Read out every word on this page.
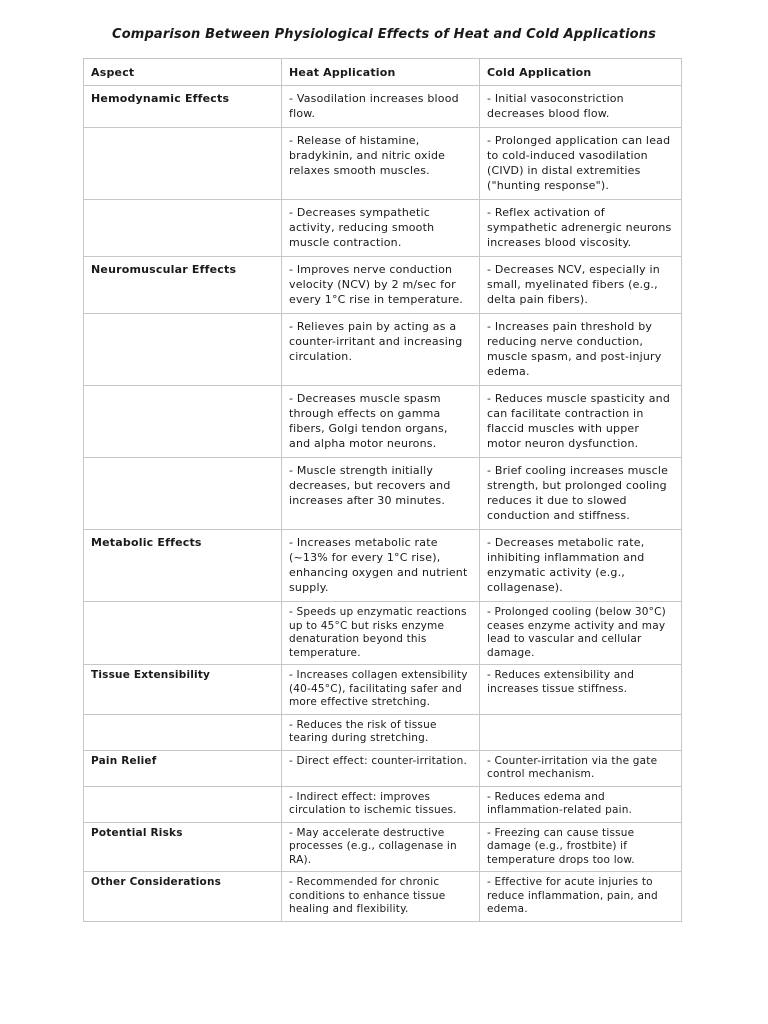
Comparison Between Physiological Effects of Heat and Cold Applications
Aspect	Heat Application	Cold Application
Hemodynamic Effects	- Vasodilation increases blood flow.	- Initial vasoconstriction decreases blood flow.
	- Release of histamine, bradykinin, and nitric oxide relaxes smooth muscles.	- Prolonged application can lead to cold-induced vasodilation (CIVD) in distal extremities ("hunting response").
	- Decreases sympathetic activity, reducing smooth muscle contraction.	- Reflex activation of sympathetic adrenergic neurons increases blood viscosity.
Neuromuscular Effects	- Improves nerve conduction velocity (NCV) by 2 m/sec for every 1°C rise in temperature.	- Decreases NCV, especially in small, myelinated fibers (e.g., delta pain fibers).
	- Relieves pain by acting as a counter-irritant and increasing circulation.	- Increases pain threshold by reducing nerve conduction, muscle spasm, and post-injury edema.
	- Decreases muscle spasm through effects on gamma fibers, Golgi tendon organs, and alpha motor neurons.	- Reduces muscle spasticity and can facilitate contraction in flaccid muscles with upper motor neuron dysfunction.
	- Muscle strength initially decreases, but recovers and increases after 30 minutes.	- Brief cooling increases muscle strength, but prolonged cooling reduces it due to slowed conduction and stiffness.
Metabolic Effects	- Increases metabolic rate (~13% for every 1°C rise), enhancing oxygen and nutrient supply.	- Decreases metabolic rate, inhibiting inflammation and enzymatic activity (e.g., collagenase).
	- Speeds up enzymatic reactions up to 45°C but risks enzyme denaturation beyond this temperature.	- Prolonged cooling (below 30°C) ceases enzyme activity and may lead to vascular and cellular damage.
Tissue Extensibility	- Increases collagen extensibility (40-45°C), facilitating safer and more effective stretching.	- Reduces extensibility and increases tissue stiffness.
	- Reduces the risk of tissue tearing during stretching.	
Pain Relief	- Direct effect: counter-irritation.	- Counter-irritation via the gate control mechanism.
	- Indirect effect: improves circulation to ischemic tissues.	- Reduces edema and inflammation-related pain.
Potential Risks	- May accelerate destructive processes (e.g., collagenase in RA).	- Freezing can cause tissue damage (e.g., frostbite) if temperature drops too low.
Other Considerations	- Recommended for chronic conditions to enhance tissue healing and flexibility.	- Effective for acute injuries to reduce inflammation, pain, and edema.
